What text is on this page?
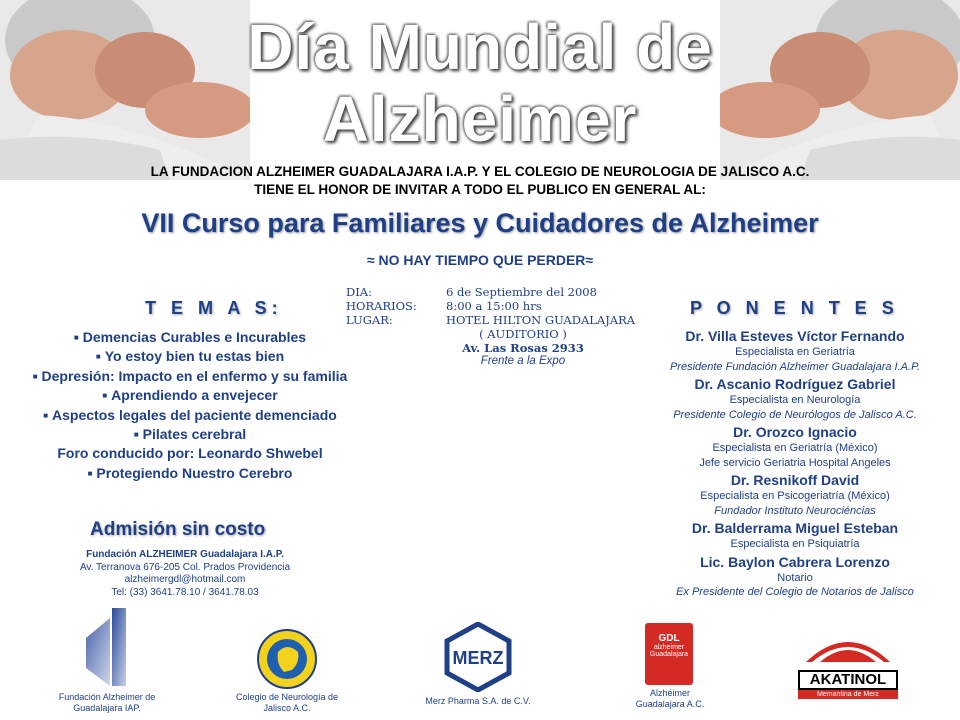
Día Mundial de
Alzheimer
LA FUNDACION ALZHEIMER GUADALAJARA I.A.P. Y EL COLEGIO DE NEUROLOGIA DE JALISCO A.C.
TIENE EL HONOR DE INVITAR A TODO EL PUBLICO EN GENERAL AL:
VII Curso para Familiares y Cuidadores de Alzheimer
≈ NO HAY TIEMPO QUE PERDER≈
T E M A S:
■ Demencias Curables e Incurables
■ Yo estoy bien tu estas bien
■ Depresión: Impacto en el enfermo y su familia
■ Aprendiendo a envejecer
■ Aspectos legales del paciente demenciado
■ Pilates cerebral
Foro conducido por: Leonardo Shwebel
■ Protegiendo Nuestro Cerebro
DIA:	6 de Septiembre del 2008
HORARIOS:	8:00 a 15:00 hrs
LUGAR:	HOTEL HILTON GUADALAJARA
( AUDITORIO )
Av. Las Rosas 2933
Frente a la Expo
P O N E N T E S
Dr. Villa Esteves Víctor Fernando
Especialista en Geriatría
Presidente Fundación Alzheimer Guadalajara I.A.P.
Dr. Ascanio Rodríguez Gabriel
Especialista en Neurología
Presidente Colegio de Neurólogos de Jalisco A.C.
Dr. Orozco Ignacio
Especialista en Geriatría (México)
Jefe servicio Geriatria Hospital Angeles
Dr. Resnikoff David
Especialista en Psicogeriatría (México)
Fundador Instituto Neurociéncias
Dr. Balderrama Miguel Esteban
Especialista en Psiquiatría
Lic. Baylon Cabrera Lorenzo
Notario
Ex Presidente del Colegio de Notarios de Jalisco
Admisión sin costo
Fundación ALZHEIMER Guadalajara I.A.P.
Av. Terranova 676-205 Col. Prados Providencia
alzheimergdl@hotmail.com
Tel: (33) 3641.78.10 / 3641.78.03
Fundación Alzheimer de Guadalajara IAP.
Colegio de Neurología de Jalisco A.C.
MERZ
Merz Pharma S.A. de C.V.
GDL
alzheimer
Guadalajara
Alzhéimer Guadalajara A.C.
AKATINOL
Memantina de Merz
